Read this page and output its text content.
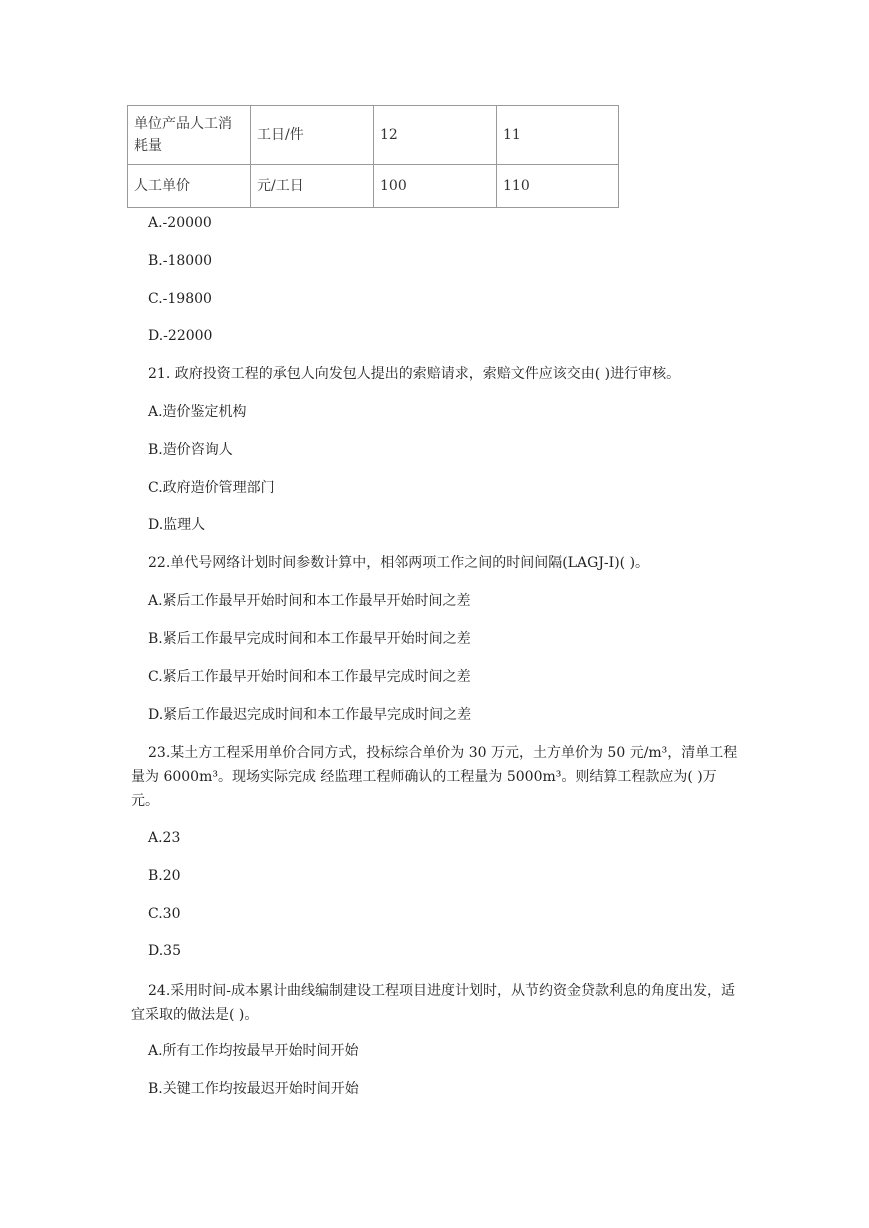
单位产品人工消耗量	工日/件	12	11
人工单价	元/工日	100	110
A.-20000
B.-18000
C.-19800
D.-22000
21. 政府投资工程的承包人向发包人提出的索赔请求，索赔文件应该交由( )进行审核。
A.造价鉴定机构
B.造价咨询人
C.政府造价管理部门
D.监理人
22.单代号网络计划时间参数计算中，相邻两项工作之间的时间间隔(LAGJ-I)( )。
A.紧后工作最早开始时间和本工作最早开始时间之差
B.紧后工作最早完成时间和本工作最早开始时间之差
C.紧后工作最早开始时间和本工作最早完成时间之差
D.紧后工作最迟完成时间和本工作最早完成时间之差
23.某土方工程采用单价合同方式，投标综合单价为 30 万元，土方单价为 50 元/m³，清单工程量为 6000m³。现场实际完成 经监理工程师确认的工程量为 5000m³。则结算工程款应为( )万元。
A.23
B.20
C.30
D.35
24.采用时间-成本累计曲线编制建设工程项目进度计划时，从节约资金贷款利息的角度出发，适宜采取的做法是( )。
A.所有工作均按最早开始时间开始
B.关键工作均按最迟开始时间开始
